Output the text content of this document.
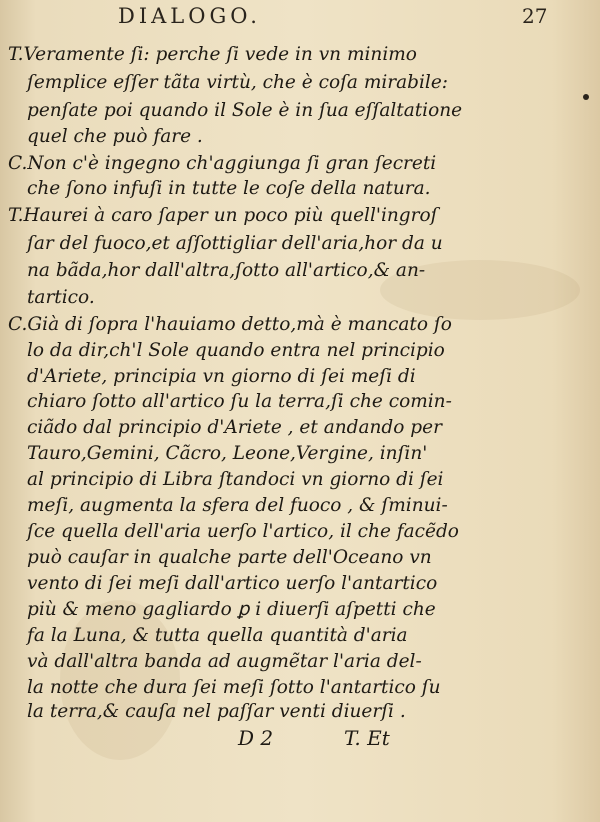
DIALOGO.	27
T.Veramente ſi: perche ſi vede in vn minimo
ſemplice eſſer tãta virtù, che è coſa mirabile:
penſate poi quando il Sole è in ſua eſſaltatione
quel che può fare .
C.Non c'è ingegno ch'aggiunga ſi gran ſecreti
che ſono infuſi in tutte le coſe della natura.
T.Haurei à caro ſaper un poco più quell'ingroſ
ſar del fuoco,et aſſottigliar dell'aria,hor da u
na bãda,hor dall'altra,ſotto all'artico,& an-
tartico.
C.Già di ſopra l'hauiamo detto,mà è mancato ſo
lo da dir,ch'l Sole quando entra nel principio
d'Ariete, principia vn giorno di ſei meſi di
chiaro ſotto all'artico ſu la terra,ſi che comin-
ciãdo dal principio d'Ariete , et andando per
Tauro,Gemini, Cãcro, Leone,Vergine, inſin'
al principio di Libra ſtandoci vn giorno di ſei
meſi, augmenta la sfera del fuoco , & ſminui-
ſce quella dell'aria uerſo l'artico, il che facẽdo
può cauſar in qualche parte dell'Oceano vn
vento di ſei meſi dall'artico uerſo l'antartico
più & meno gagliardo ꝑ i diuerſi aſpetti che
fa la Luna, & tutta quella quantità d'aria
và dall'altra banda ad augmẽtar l'aria del-
la notte che dura ſei meſi ſotto l'antartico ſu
la terra,& cauſa nel paſſar venti diuerſi .
D 2	T. Et
